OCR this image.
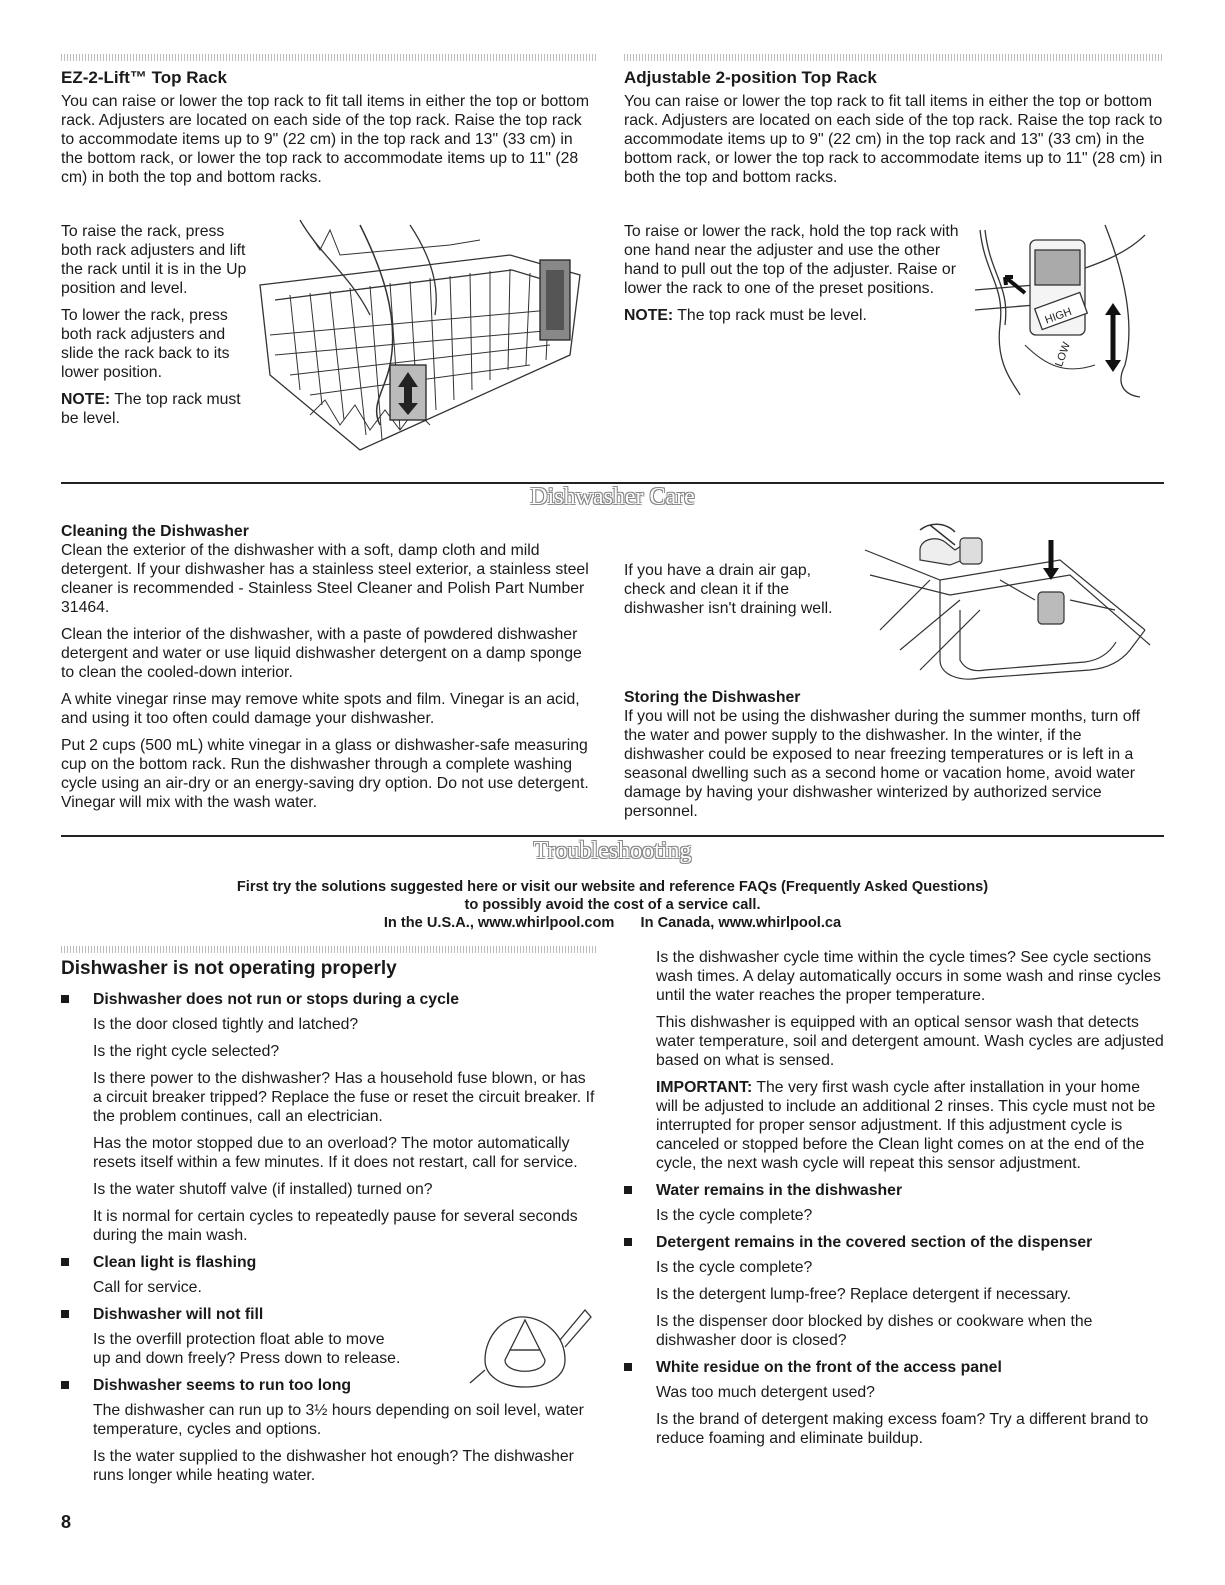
EZ-2-Lift™ Top Rack

You can raise or lower the top rack to fit tall items in either the top or bottom rack. Adjusters are located on each side of the top rack. Raise the top rack to accommodate items up to 9" (22 cm) in the top rack and 13" (33 cm) in the bottom rack, or lower the top rack to accommodate items up to 11" (28 cm) in both the top and bottom racks.

To raise the rack, press both rack adjusters and lift the rack until it is in the Up position and level.

To lower the rack, press both rack adjusters and slide the rack back to its lower position.

NOTE: The top rack must be level.

Adjustable 2-position Top Rack

You can raise or lower the top rack to fit tall items in either the top or bottom rack. Adjusters are located on each side of the top rack. Raise the top rack to accommodate items up to 9" (22 cm) in the top rack and 13" (33 cm) in the bottom rack, or lower the top rack to accommodate items up to 11" (28 cm) in both the top and bottom racks.

To raise or lower the rack, hold the top rack with one hand near the adjuster and use the other hand to pull out the top of the adjuster. Raise or lower the rack to one of the preset positions.

NOTE: The top rack must be level.	HIGH
LOW
Dishwasher Care
Cleaning the Dishwasher

Clean the exterior of the dishwasher with a soft, damp cloth and mild detergent. If your dishwasher has a stainless steel exterior, a stainless steel cleaner is recommended - Stainless Steel Cleaner and Polish Part Number 31464.

Clean the interior of the dishwasher, with a paste of powdered dishwasher detergent and water or use liquid dishwasher detergent on a damp sponge to clean the cooled-down interior.

A white vinegar rinse may remove white spots and film. Vinegar is an acid, and using it too often could damage your dishwasher.

Put 2 cups (500 mL) white vinegar in a glass or dishwasher-safe measuring cup on the bottom rack. Run the dishwasher through a complete washing cycle using an air-dry or an energy-saving dry option. Do not use detergent. Vinegar will mix with the wash water.

If you have a drain air gap, check and clean it if the dishwasher isn't draining well.

Storing the Dishwasher

If you will not be using the dishwasher during the summer months, turn off the water and power supply to the dishwasher. In the winter, if the dishwasher could be exposed to near freezing temperatures or is left in a seasonal dwelling such as a second home or vacation home, avoid water damage by having your dishwasher winterized by authorized service personnel.

Troubleshooting
First try the solutions suggested here or visit our website and reference FAQs (Frequently Asked Questions)
to possibly avoid the cost of a service call.
In the U.S.A., www.whirlpool.com In Canada, www.whirlpool.ca
Dishwasher is not operating properly
Dishwasher does not run or stops during a cycle

Is the door closed tightly and latched?

Is the right cycle selected?

Is there power to the dishwasher? Has a household fuse blown, or has a circuit breaker tripped? Replace the fuse or reset the circuit breaker. If the problem continues, call an electrician.

Has the motor stopped due to an overload? The motor automatically resets itself within a few minutes. If it does not restart, call for service.

Is the water shutoff valve (if installed) turned on?

It is normal for certain cycles to repeatedly pause for several seconds during the main wash.

Clean light is flashing

Call for service.

Dishwasher will not fill

Is the overfill protection float able to move up and down freely? Press down to release.

Dishwasher seems to run too long

The dishwasher can run up to 3½ hours depending on soil level, water temperature, cycles and options.

Is the water supplied to the dishwasher hot enough? The dishwasher runs longer while heating water.

Is the dishwasher cycle time within the cycle times? See cycle sections wash times. A delay automatically occurs in some wash and rinse cycles until the water reaches the proper temperature.

This dishwasher is equipped with an optical sensor wash that detects water temperature, soil and detergent amount. Wash cycles are adjusted based on what is sensed.

IMPORTANT: The very first wash cycle after installation in your home will be adjusted to include an additional 2 rinses. This cycle must not be interrupted for proper sensor adjustment. If this adjustment cycle is canceled or stopped before the Clean light comes on at the end of the cycle, the next wash cycle will repeat this sensor adjustment.

Water remains in the dishwasher

Is the cycle complete?

Detergent remains in the covered section of the dispenser

Is the cycle complete?

Is the detergent lump-free? Replace detergent if necessary.

Is the dispenser door blocked by dishes or cookware when the dishwasher door is closed?

White residue on the front of the access panel

Was too much detergent used?

Is the brand of detergent making excess foam? Try a different brand to reduce foaming and eliminate buildup.

8
